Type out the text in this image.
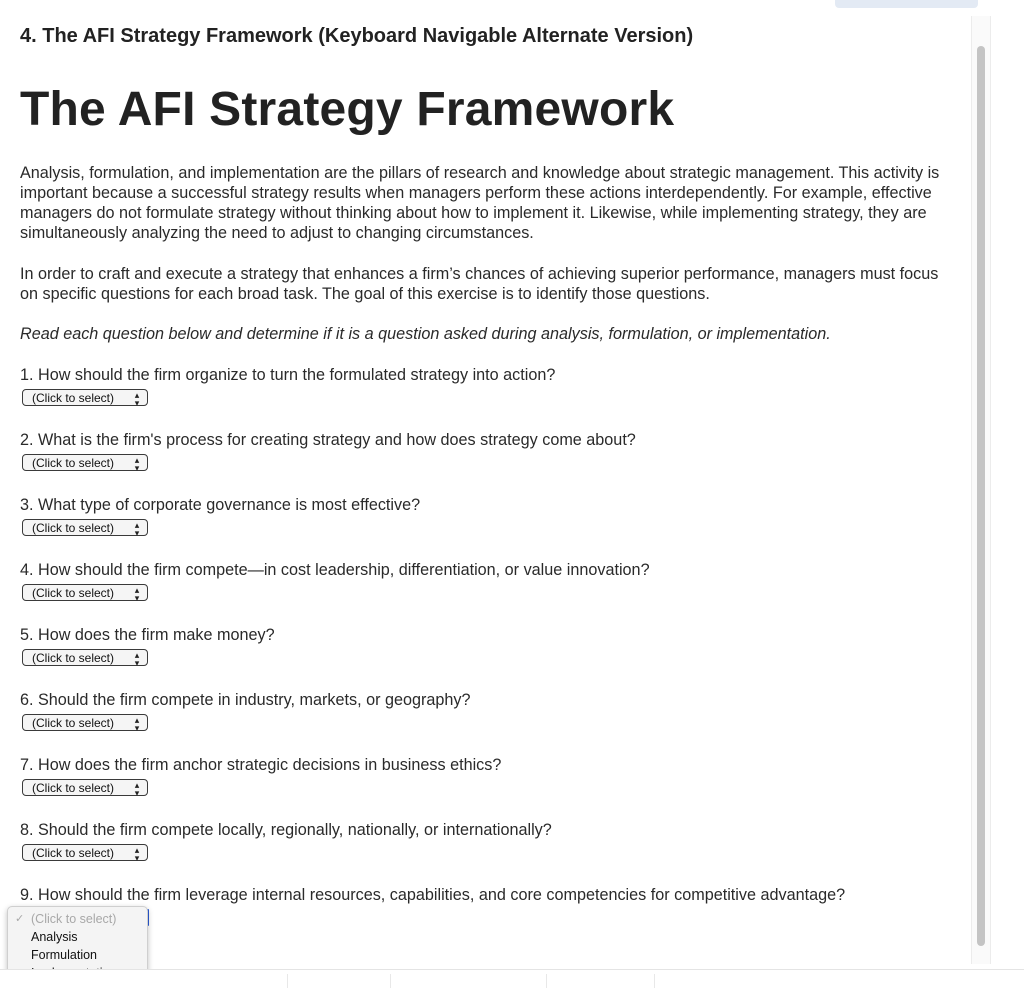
4. The AFI Strategy Framework (Keyboard Navigable Alternate Version)
The AFI Strategy Framework

Analysis, formulation, and implementation are the pillars of research and knowledge about strategic management. This activity is important because a successful strategy results when managers perform these actions interdependently. For example, effective managers do not formulate strategy without thinking about how to implement it. Likewise, while implementing strategy, they are simultaneously analyzing the need to adjust to changing circumstances.

In order to craft and execute a strategy that enhances a firm’s chances of achieving superior performance, managers must focus on specific questions for each broad task. The goal of this exercise is to identify those questions.

Read each question below and determine if it is a question asked during analysis, formulation, or implementation.

1. How should the firm organize to turn the formulated strategy into action?

(Click to select) ▴
▾

2. What is the firm's process for creating strategy and how does strategy come about?

(Click to select) ▴
▾

3. What type of corporate governance is most effective?

(Click to select) ▴
▾

4. How should the firm compete—in cost leadership, differentiation, or value innovation?

(Click to select) ▴
▾

5. How does the firm make money?

(Click to select) ▴
▾

6. Should the firm compete in industry, markets, or geography?

(Click to select) ▴
▾

7. How does the firm anchor strategic decisions in business ethics?

(Click to select) ▴
▾

8. Should the firm compete locally, regionally, nationally, or internationally?

(Click to select) ▴
▾

9. How should the firm leverage internal resources, capabilities, and core competencies for competitive advantage?

✓ (Click to select)
Analysis
Formulation
